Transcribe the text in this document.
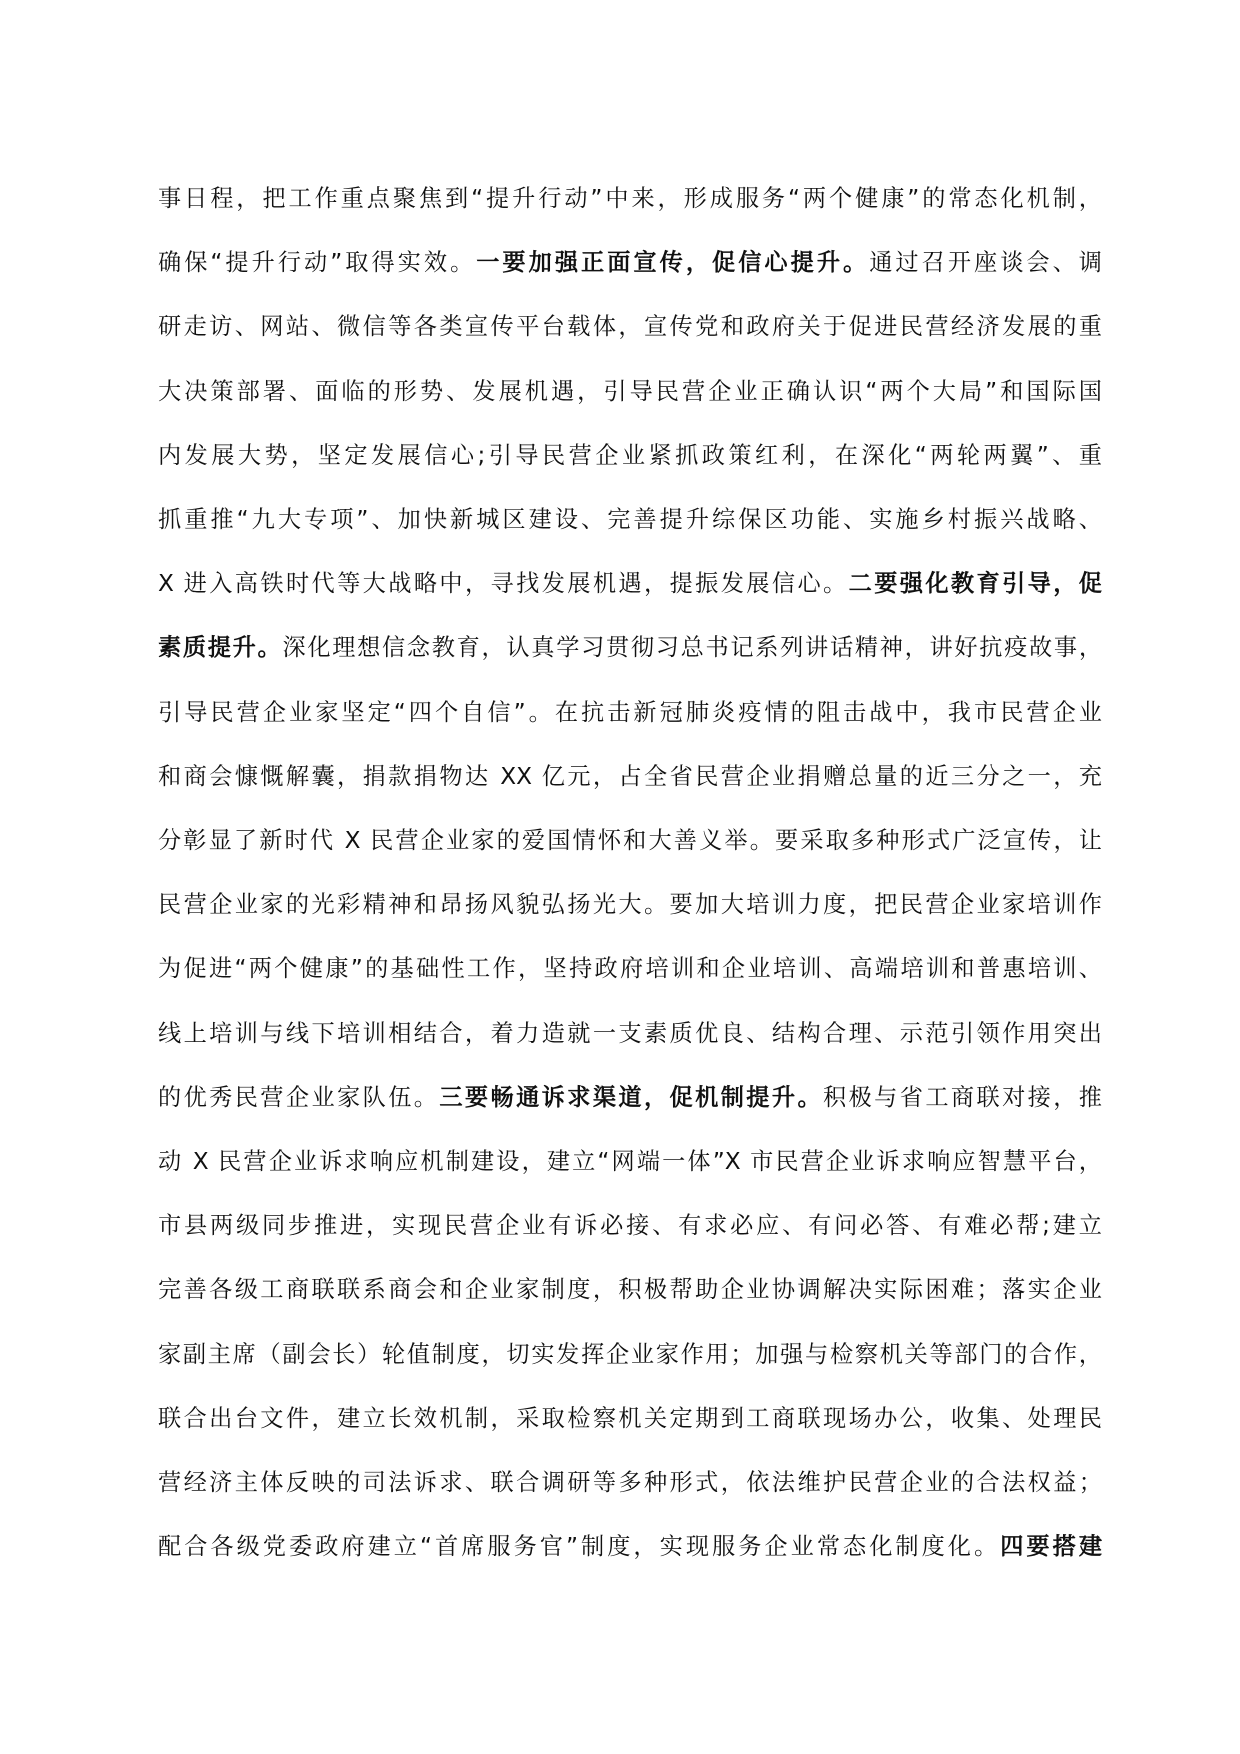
事日程，把工作重点聚焦到“提升行动”中来，形成服务“两个健康”的常态化机制，
确保“提升行动”取得实效。一要加强正面宣传，促信心提升。通过召开座谈会、调
研走访、网站、微信等各类宣传平台载体，宣传党和政府关于促进民营经济发展的重
大决策部署、面临的形势、发展机遇，引导民营企业正确认识“两个大局”和国际国
内发展大势，坚定发展信心;引导民营企业紧抓政策红利，在深化“两轮两翼”、重
抓重推“九大专项”、加快新城区建设、完善提升综保区功能、实施乡村振兴战略、
X 进入高铁时代等大战略中，寻找发展机遇，提振发展信心。二要强化教育引导，促
素质提升。深化理想信念教育，认真学习贯彻习总书记系列讲话精神，讲好抗疫故事，
引导民营企业家坚定“四个自信”。在抗击新冠肺炎疫情的阻击战中，我市民营企业
和商会慷慨解囊，捐款捐物达 XX 亿元，占全省民营企业捐赠总量的近三分之一，充
分彰显了新时代 X 民营企业家的爱国情怀和大善义举。要采取多种形式广泛宣传，让
民营企业家的光彩精神和昂扬风貌弘扬光大。要加大培训力度，把民营企业家培训作
为促进“两个健康”的基础性工作，坚持政府培训和企业培训、高端培训和普惠培训、
线上培训与线下培训相结合，着力造就一支素质优良、结构合理、示范引领作用突出
的优秀民营企业家队伍。三要畅通诉求渠道，促机制提升。积极与省工商联对接，推
动 X 民营企业诉求响应机制建设，建立“网端一体”X 市民营企业诉求响应智慧平台，
市县两级同步推进，实现民营企业有诉必接、有求必应、有问必答、有难必帮;建立
完善各级工商联联系商会和企业家制度，积极帮助企业协调解决实际困难；落实企业
家副主席（副会长）轮值制度，切实发挥企业家作用；加强与检察机关等部门的合作，
联合出台文件，建立长效机制，采取检察机关定期到工商联现场办公，收集、处理民
营经济主体反映的司法诉求、联合调研等多种形式，依法维护民营企业的合法权益；
配合各级党委政府建立“首席服务官”制度，实现服务企业常态化制度化。四要搭建
